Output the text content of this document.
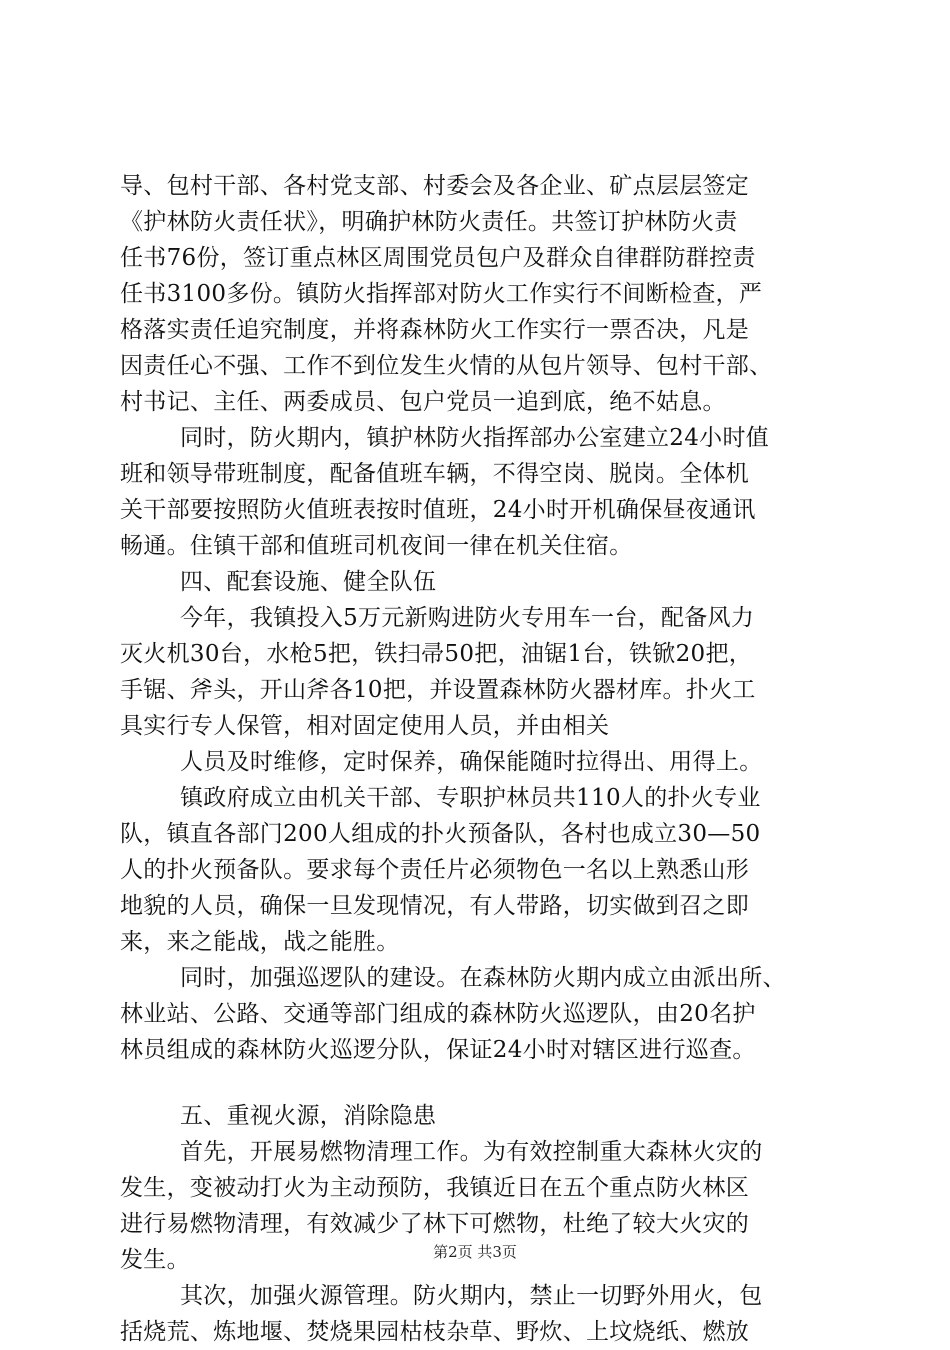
导、包村干部、各村党支部、村委会及各企业、矿点层层签定
《护林防火责任状》，明确护林防火责任。共签订护林防火责
任书76份，签订重点林区周围党员包户及群众自律群防群控责
任书3100多份。镇防火指挥部对防火工作实行不间断检查，严
格落实责任追究制度，并将森林防火工作实行一票否决，凡是
因责任心不强、工作不到位发生火情的从包片领导、包村干部、
村书记、主任、两委成员、包户党员一追到底，绝不姑息。
同时，防火期内，镇护林防火指挥部办公室建立24小时值
班和领导带班制度，配备值班车辆，不得空岗、脱岗。全体机
关干部要按照防火值班表按时值班，24小时开机确保昼夜通讯
畅通。住镇干部和值班司机夜间一律在机关住宿。
四、配套设施、健全队伍
今年，我镇投入5万元新购进防火专用车一台，配备风力
灭火机30台，水枪5把，铁扫帚50把，油锯1台，铁锨20把，
手锯、斧头，开山斧各10把，并设置森林防火器材库。扑火工
具实行专人保管，相对固定使用人员，并由相关
人员及时维修，定时保养，确保能随时拉得出、用得上。
镇政府成立由机关干部、专职护林员共110人的扑火专业
队，镇直各部门200人组成的扑火预备队，各村也成立30—50
人的扑火预备队。要求每个责任片必须物色一名以上熟悉山形
地貌的人员，确保一旦发现情况，有人带路，切实做到召之即
来，来之能战，战之能胜。
同时，加强巡逻队的建设。在森林防火期内成立由派出所、
林业站、公路、交通等部门组成的森林防火巡逻队，由20名护
林员组成的森林防火巡逻分队，保证24小时对辖区进行巡查。
五、重视火源，消除隐患
首先，开展易燃物清理工作。为有效控制重大森林火灾的
发生，变被动打火为主动预防，我镇近日在五个重点防火林区
进行易燃物清理，有效减少了林下可燃物，杜绝了较大火灾的
发生。
其次，加强火源管理。防火期内，禁止一切野外用火，包
括烧荒、炼地堰、焚烧果园枯枝杂草、野炊、上坟烧纸、燃放
第2页 共3页
